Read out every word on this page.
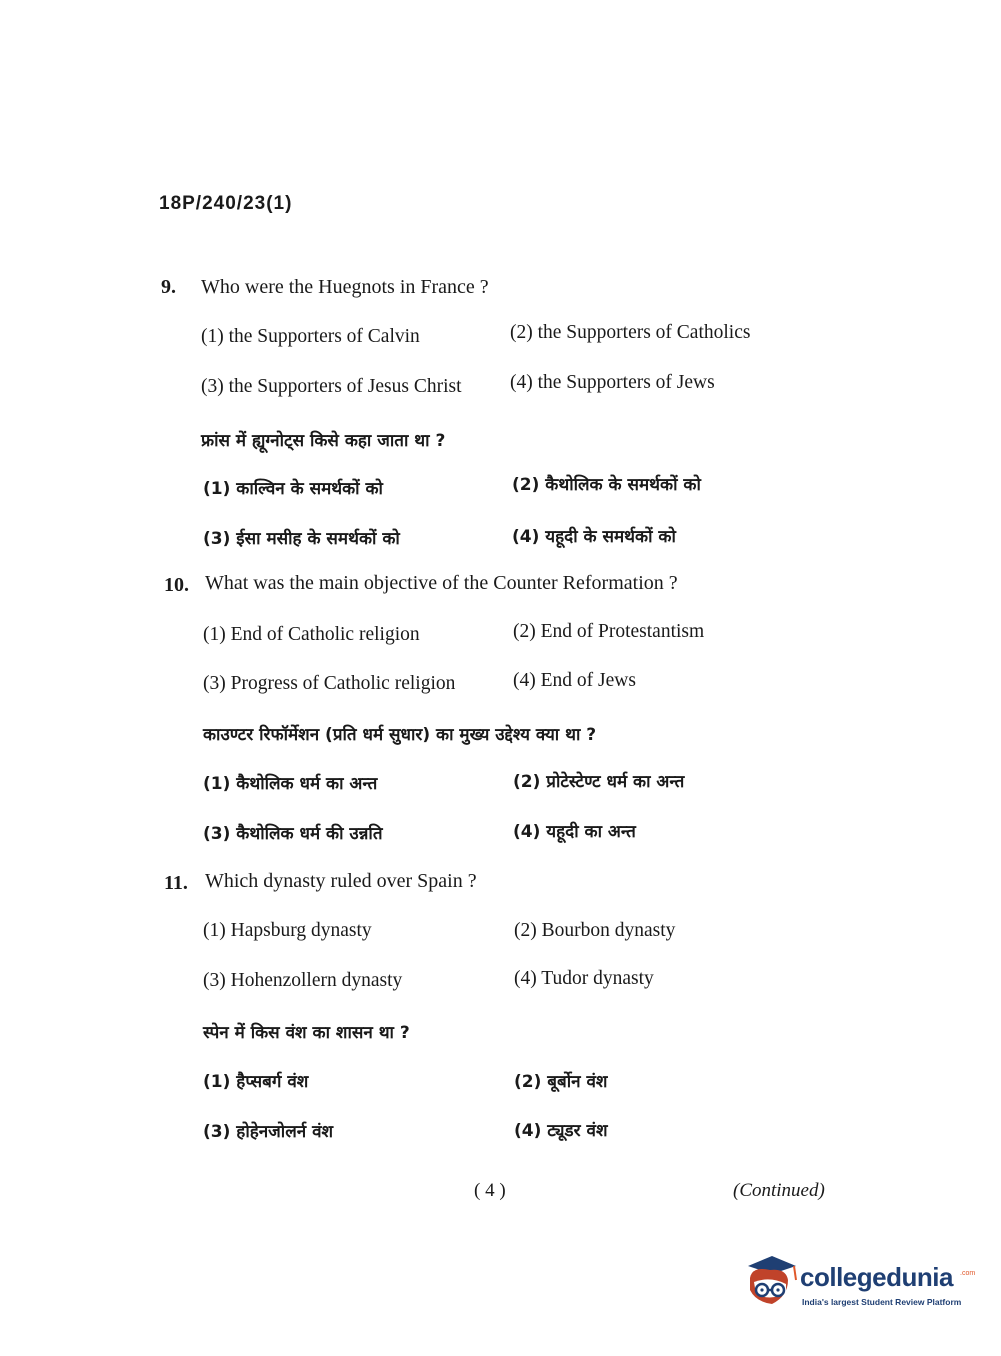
18P/240/23(1)
9. Who were the Huegnots in France ?
(1) the Supporters of Calvin	(2) the Supporters of Catholics
(3) the Supporters of Jesus Christ (4) the Supporters of Jews
फ्रांस में ह्यूग्नोट्स किसे कहा जाता था ?
(1) काल्विन के समर्थकों को	(2) कैथोलिक के समर्थकों को
(3) ईसा मसीह के समर्थकों को	(4) यहूदी के समर्थकों को
10. What was the main objective of the Counter Reformation ?
(1) End of Catholic religion	(2) End of Protestantism
(3) Progress of Catholic religion	(4) End of Jews
काउण्टर रिफॉर्मेशन (प्रति धर्म सुधार) का मुख्य उद्देश्य क्या था ?
(1) कैथोलिक धर्म का अन्त	(2) प्रोटेस्टेण्ट धर्म का अन्त
(3) कैथोलिक धर्म की उन्नति	(4) यहूदी का अन्त
11. Which dynasty ruled over Spain ?
(1) Hapsburg dynasty	(2) Bourbon dynasty
(3) Hohenzollern dynasty	(4) Tudor dynasty
स्पेन में किस वंश का शासन था ?
(1) हैप्सबर्ग वंश	(2) बूर्बोन वंश
(3) होहेनजोलर्न वंश	(4) ट्यूडर वंश
( 4 )	(Continued)
collegedunia .com
India's largest Student Review Platform
